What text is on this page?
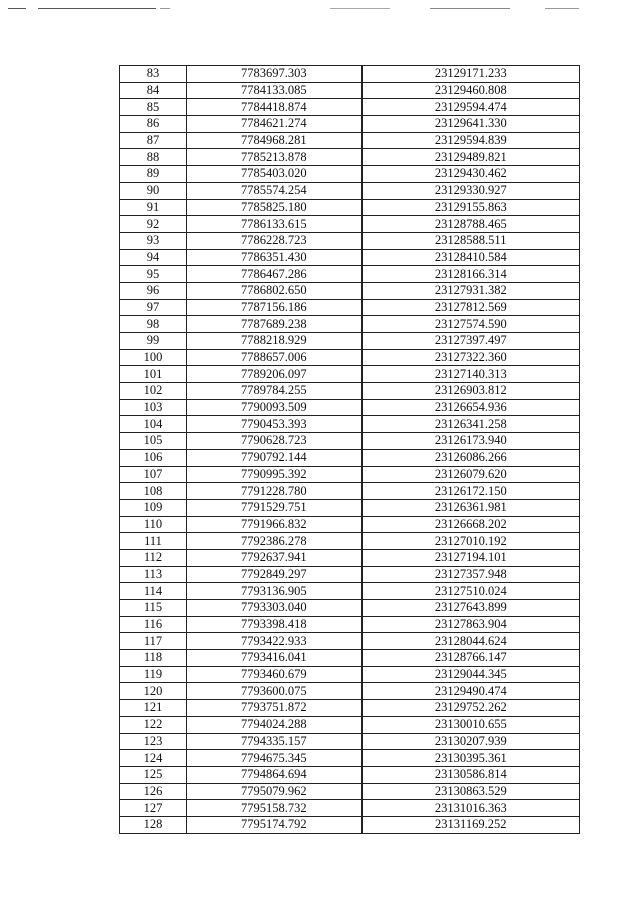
83	7783697.303	23129171.233
84	7784133.085	23129460.808
85	7784418.874	23129594.474
86	7784621.274	23129641.330
87	7784968.281	23129594.839
88	7785213.878	23129489.821
89	7785403.020	23129430.462
90	7785574.254	23129330.927
91	7785825.180	23129155.863
92	7786133.615	23128788.465
93	7786228.723	23128588.511
94	7786351.430	23128410.584
95	7786467.286	23128166.314
96	7786802.650	23127931.382
97	7787156.186	23127812.569
98	7787689.238	23127574.590
99	7788218.929	23127397.497
100	7788657.006	23127322.360
101	7789206.097	23127140.313
102	7789784.255	23126903.812
103	7790093.509	23126654.936
104	7790453.393	23126341.258
105	7790628.723	23126173.940
106	7790792.144	23126086.266
107	7790995.392	23126079.620
108	7791228.780	23126172.150
109	7791529.751	23126361.981
110	7791966.832	23126668.202
111	7792386.278	23127010.192
112	7792637.941	23127194.101
113	7792849.297	23127357.948
114	7793136.905	23127510.024
115	7793303.040	23127643.899
116	7793398.418	23127863.904
117	7793422.933	23128044.624
118	7793416.041	23128766.147
119	7793460.679	23129044.345
120	7793600.075	23129490.474
121	7793751.872	23129752.262
122	7794024.288	23130010.655
123	7794335.157	23130207.939
124	7794675.345	23130395.361
125	7794864.694	23130586.814
126	7795079.962	23130863.529
127	7795158.732	23131016.363
128	7795174.792	23131169.252
